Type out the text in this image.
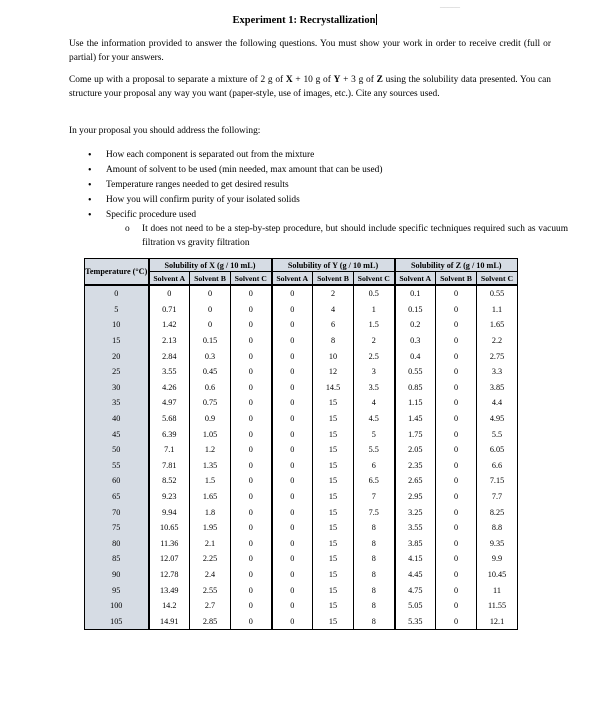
_____
Experiment 1: Recrystallization

Use the information provided to answer the following questions. You must show your work in order to receive credit (full or partial) for your answers.

Come up with a proposal to separate a mixture of 2 g of X + 10 g of Y + 3 g of Z using the solubility data presented. You can structure your proposal any way you want (paper-style, use of images, etc.). Cite any sources used.

In your proposal you should address the following:

• How each component is separated out from the mixture
• Amount of solvent to be used (min needed, max amount that can be used)
• Temperature ranges needed to get desired results
• How you will confirm purity of your isolated solids
• Specific procedure used
o It does not need to be a step-by-step procedure, but should include specific techniques required such as vacuum filtration vs gravity filtration
Temperature (°C)	Solubility of X (g / 10 mL)			Solubility of Y (g / 10 mL)			Solubility of Z (g / 10 mL)		
	Solvent A	Solvent B	Solvent C	Solvent A	Solvent B	Solvent C	Solvent A	Solvent B	Solvent C
0	0	0	0	0	2	0.5	0.1	0	0.55
5	0.71	0	0	0	4	1	0.15	0	1.1
10	1.42	0	0	0	6	1.5	0.2	0	1.65
15	2.13	0.15	0	0	8	2	0.3	0	2.2
20	2.84	0.3	0	0	10	2.5	0.4	0	2.75
25	3.55	0.45	0	0	12	3	0.55	0	3.3
30	4.26	0.6	0	0	14.5	3.5	0.85	0	3.85
35	4.97	0.75	0	0	15	4	1.15	0	4.4
40	5.68	0.9	0	0	15	4.5	1.45	0	4.95
45	6.39	1.05	0	0	15	5	1.75	0	5.5
50	7.1	1.2	0	0	15	5.5	2.05	0	6.05
55	7.81	1.35	0	0	15	6	2.35	0	6.6
60	8.52	1.5	0	0	15	6.5	2.65	0	7.15
65	9.23	1.65	0	0	15	7	2.95	0	7.7
70	9.94	1.8	0	0	15	7.5	3.25	0	8.25
75	10.65	1.95	0	0	15	8	3.55	0	8.8
80	11.36	2.1	0	0	15	8	3.85	0	9.35
85	12.07	2.25	0	0	15	8	4.15	0	9.9
90	12.78	2.4	0	0	15	8	4.45	0	10.45
95	13.49	2.55	0	0	15	8	4.75	0	11
100	14.2	2.7	0	0	15	8	5.05	0	11.55
105	14.91	2.85	0	0	15	8	5.35	0	12.1
